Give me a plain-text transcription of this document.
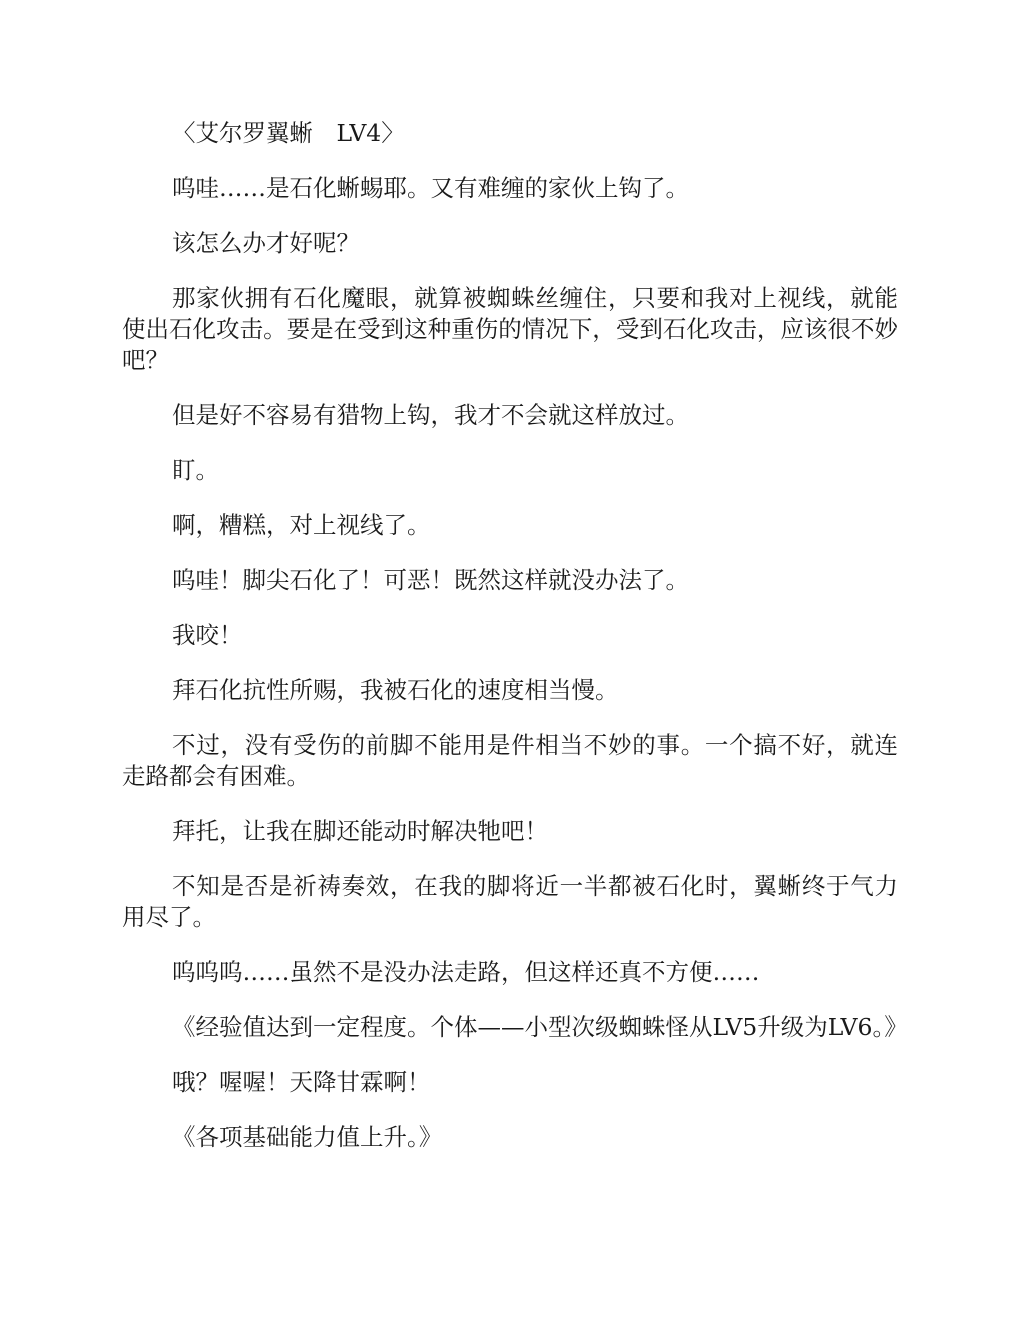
〈艾尔罗翼蜥　LV4〉

呜哇……是石化蜥蜴耶。又有难缠的家伙上钩了。

该怎么办才好呢？

那家伙拥有石化魔眼，就算被蜘蛛丝缠住，只要和我对上视线，就能使出石化攻击。要是在受到这种重伤的情况下，受到石化攻击，应该很不妙吧？

但是好不容易有猎物上钩，我才不会就这样放过。

盯。

啊，糟糕，对上视线了。

呜哇！脚尖石化了！可恶！既然这样就没办法了。

我咬！

拜石化抗性所赐，我被石化的速度相当慢。

不过，没有受伤的前脚不能用是件相当不妙的事。一个搞不好，就连走路都会有困难。

拜托，让我在脚还能动时解决牠吧！

不知是否是祈祷奏效，在我的脚将近一半都被石化时，翼蜥终于气力用尽了。

呜呜呜……虽然不是没办法走路，但这样还真不方便……

《经验值达到一定程度。个体——小型次级蜘蛛怪从LV5升级为LV6。》

哦？喔喔！天降甘霖啊！

《各项基础能力值上升。》
